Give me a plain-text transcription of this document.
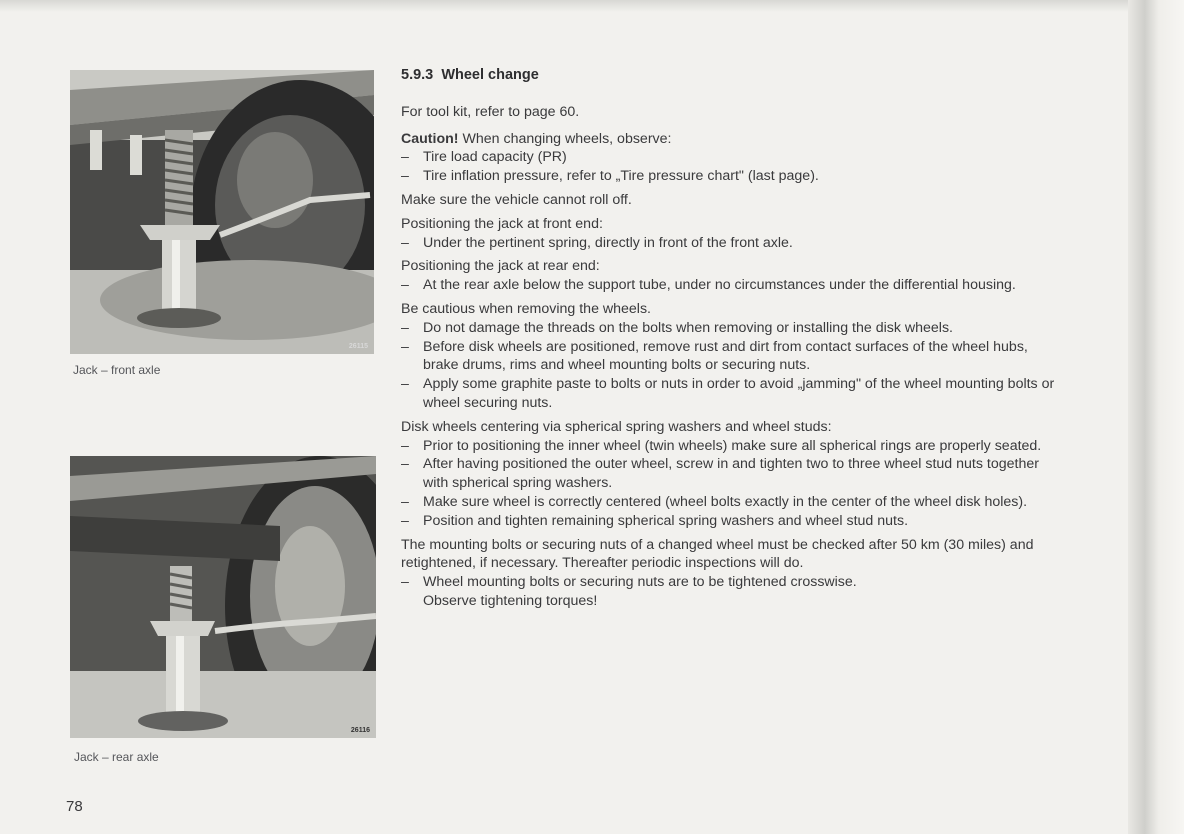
26115
Jack – front axle
26116
Jack – rear axle
5.9.3 Wheel change

For tool kit, refer to page 60.

Caution! When changing wheels, observe:

– Tire load capacity (PR)
– Tire inflation pressure, refer to „Tire pressure chart" (last page).

Make sure the vehicle cannot roll off.

Positioning the jack at front end:

– Under the pertinent spring, directly in front of the front axle.

Positioning the jack at rear end:

– At the rear axle below the support tube, under no circumstances under the differential housing.

Be cautious when removing the wheels.

– Do not damage the threads on the bolts when removing or installing the disk wheels.
– Before disk wheels are positioned, remove rust and dirt from contact surfaces of the wheel hubs, brake drums, rims and wheel mounting bolts or securing nuts.
– Apply some graphite paste to bolts or nuts in order to avoid „jamming" of the wheel mounting bolts or wheel securing nuts.

Disk wheels centering via spherical spring washers and wheel studs:

– Prior to positioning the inner wheel (twin wheels) make sure all spherical rings are properly seated.
– After having positioned the outer wheel, screw in and tighten two to three wheel stud nuts together with spherical spring washers.
– Make sure wheel is correctly centered (wheel bolts exactly in the center of the wheel disk holes).
– Position and tighten remaining spherical spring washers and wheel stud nuts.

The mounting bolts or securing nuts of a changed wheel must be checked after 50 km (30 miles) and retightened, if necessary. Thereafter periodic inspections will do.

– Wheel mounting bolts or securing nuts are to be tightened crosswise.
Observe tightening torques!
78
